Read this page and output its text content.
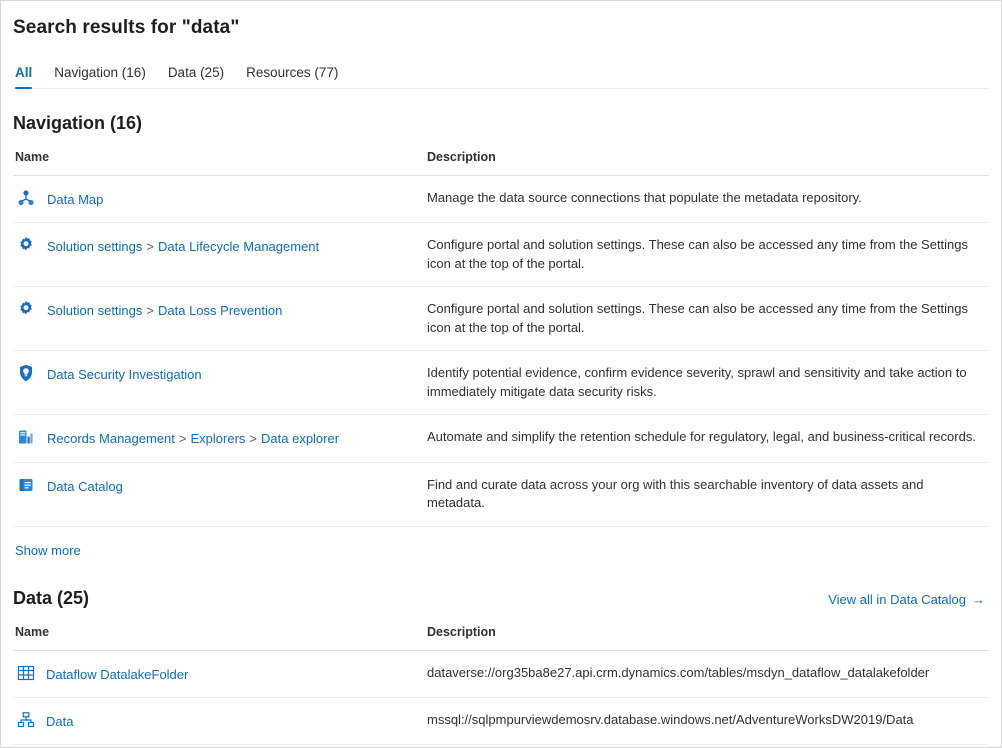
Search results for "data"
All Navigation (16) Data (25) Resources (77)
Navigation (16)
Name	Description

Data Map	Manage the data source connections that populate the metadata repository.

Solution settings > Data Lifecycle Management	Configure portal and solution settings. These can also be accessed any time from the Settings icon at the top of the portal.

Solution settings > Data Loss Prevention	Configure portal and solution settings. These can also be accessed any time from the Settings icon at the top of the portal.

Data Security Investigation	Identify potential evidence, confirm evidence severity, sprawl and sensitivity and take action to immediately mitigate data security risks.

Records Management > Explorers > Data explorer	Automate and simplify the retention schedule for regulatory, legal, and business-critical records.

Data Catalog	Find and curate data across your org with this searchable inventory of data assets and metadata.
Show more
Data (25)	View all in Data Catalog →
Name	Description

Dataflow DatalakeFolder	dataverse://org35ba8e27.api.crm.dynamics.com/tables/msdyn_dataflow_datalakefolder

Data	mssql://sqlpmpurviewdemosrv.database.windows.net/AdventureWorksDW2019/Data
